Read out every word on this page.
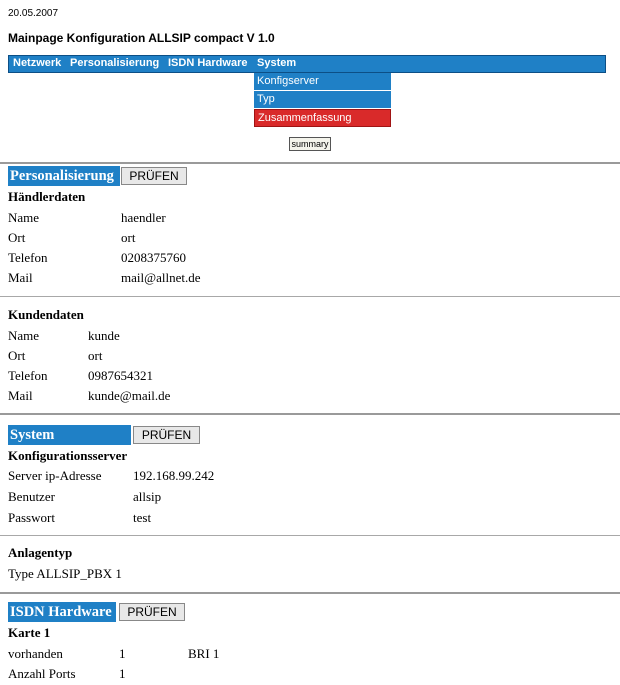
20.05.2007
Mainpage Konfiguration ALLSIP compact V 1.0
Netzwerk Personalisierung ISDN Hardware System
Konfigserver
Typ
Zusammenfassung
summary
Personalisierung	PRÜFEN
Händlerdaten
Name	haendler
Ort	ort
Telefon	0208375760
Mail	mail@allnet.de
Kundendaten
Name	kunde
Ort	ort
Telefon	0987654321
Mail	kunde@mail.de
System	PRÜFEN
Konfigurationsserver
Server ip-Adresse 192.168.99.242
Benutzer	allsip
Passwort	test
Anlagentyp
Type ALLSIP_PBX 1
ISDN Hardware	PRÜFEN
Karte 1
vorhanden	1	BRI 1
Anzahl Ports	1
